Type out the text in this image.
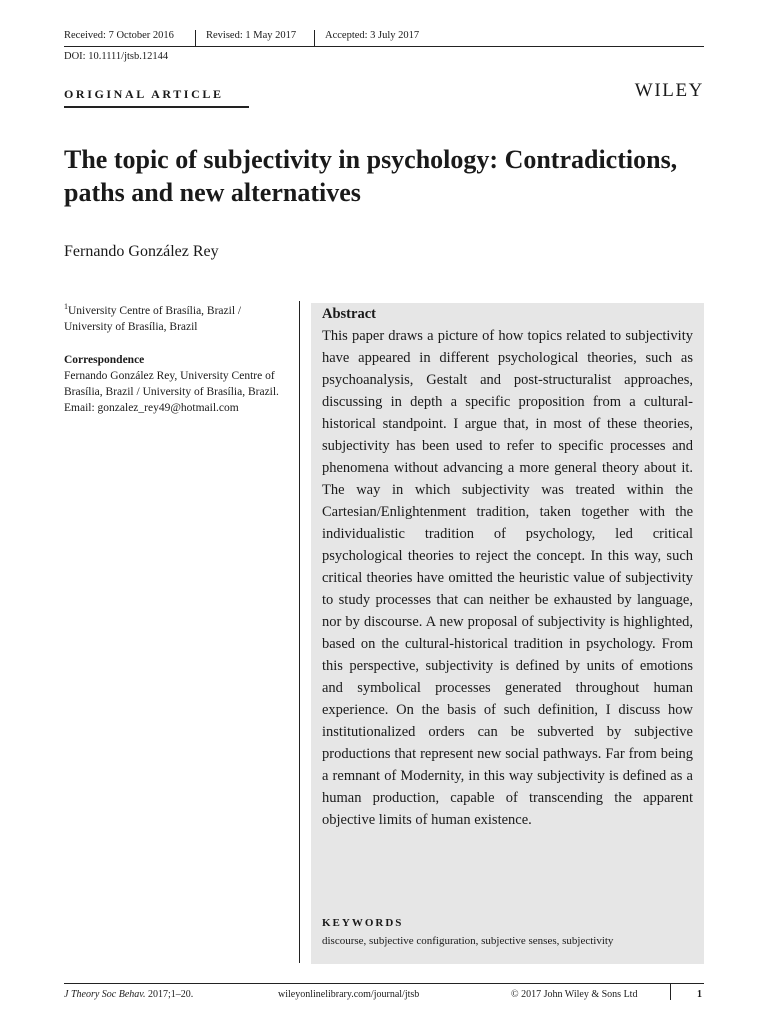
Received: 7 October 2016	Revised: 1 May 2017	Accepted: 3 July 2017
DOI: 10.1111/jtsb.12144
ORIGINAL ARTICLE	WILEY
The topic of subjectivity in psychology: Contradictions, paths and new alternatives
Fernando González Rey

$^1$University Centre of Brasília, Brazil / University of Brasília, Brazil

Correspondence

Fernando González Rey, University Centre of Brasília, Brazil / University of Brasília, Brazil.

Email: gonzalez_rey49@hotmail.com

Abstract

This paper draws a picture of how topics related to subjectivity have appeared in different psychological theories, such as psychoanalysis, Gestalt and post-structuralist approaches, discussing in depth a specific proposition from a cultural-historical standpoint. I argue that, in most of these theories, subjectivity has been used to refer to specific processes and phenomena without advancing a more general theory about it. The way in which subjectivity was treated within the Cartesian/Enlightenment tradition, taken together with the individualistic tradition of psychology, led critical psychological theories to reject the concept. In this way, such critical theories have omitted the heuristic value of subjectivity to study processes that can neither be exhausted by language, nor by discourse. A new proposal of subjectivity is highlighted, based on the cultural-historical tradition in psychology. From this perspective, subjectivity is defined by units of emotions and symbolical processes generated throughout human experience. On the basis of such definition, I discuss how institutionalized orders can be subverted by subjective productions that represent new social pathways. Far from being a remnant of Modernity, in this way subjectivity is defined as a human production, capable of transcending the apparent objective limits of human existence.

KEYWORDS
discourse, subjective configuration, subjective senses, subjectivity
J Theory Soc Behav. 2017;1–20.	wileyonlinelibrary.com/journal/jtsb	© 2017 John Wiley & Sons Ltd	1
